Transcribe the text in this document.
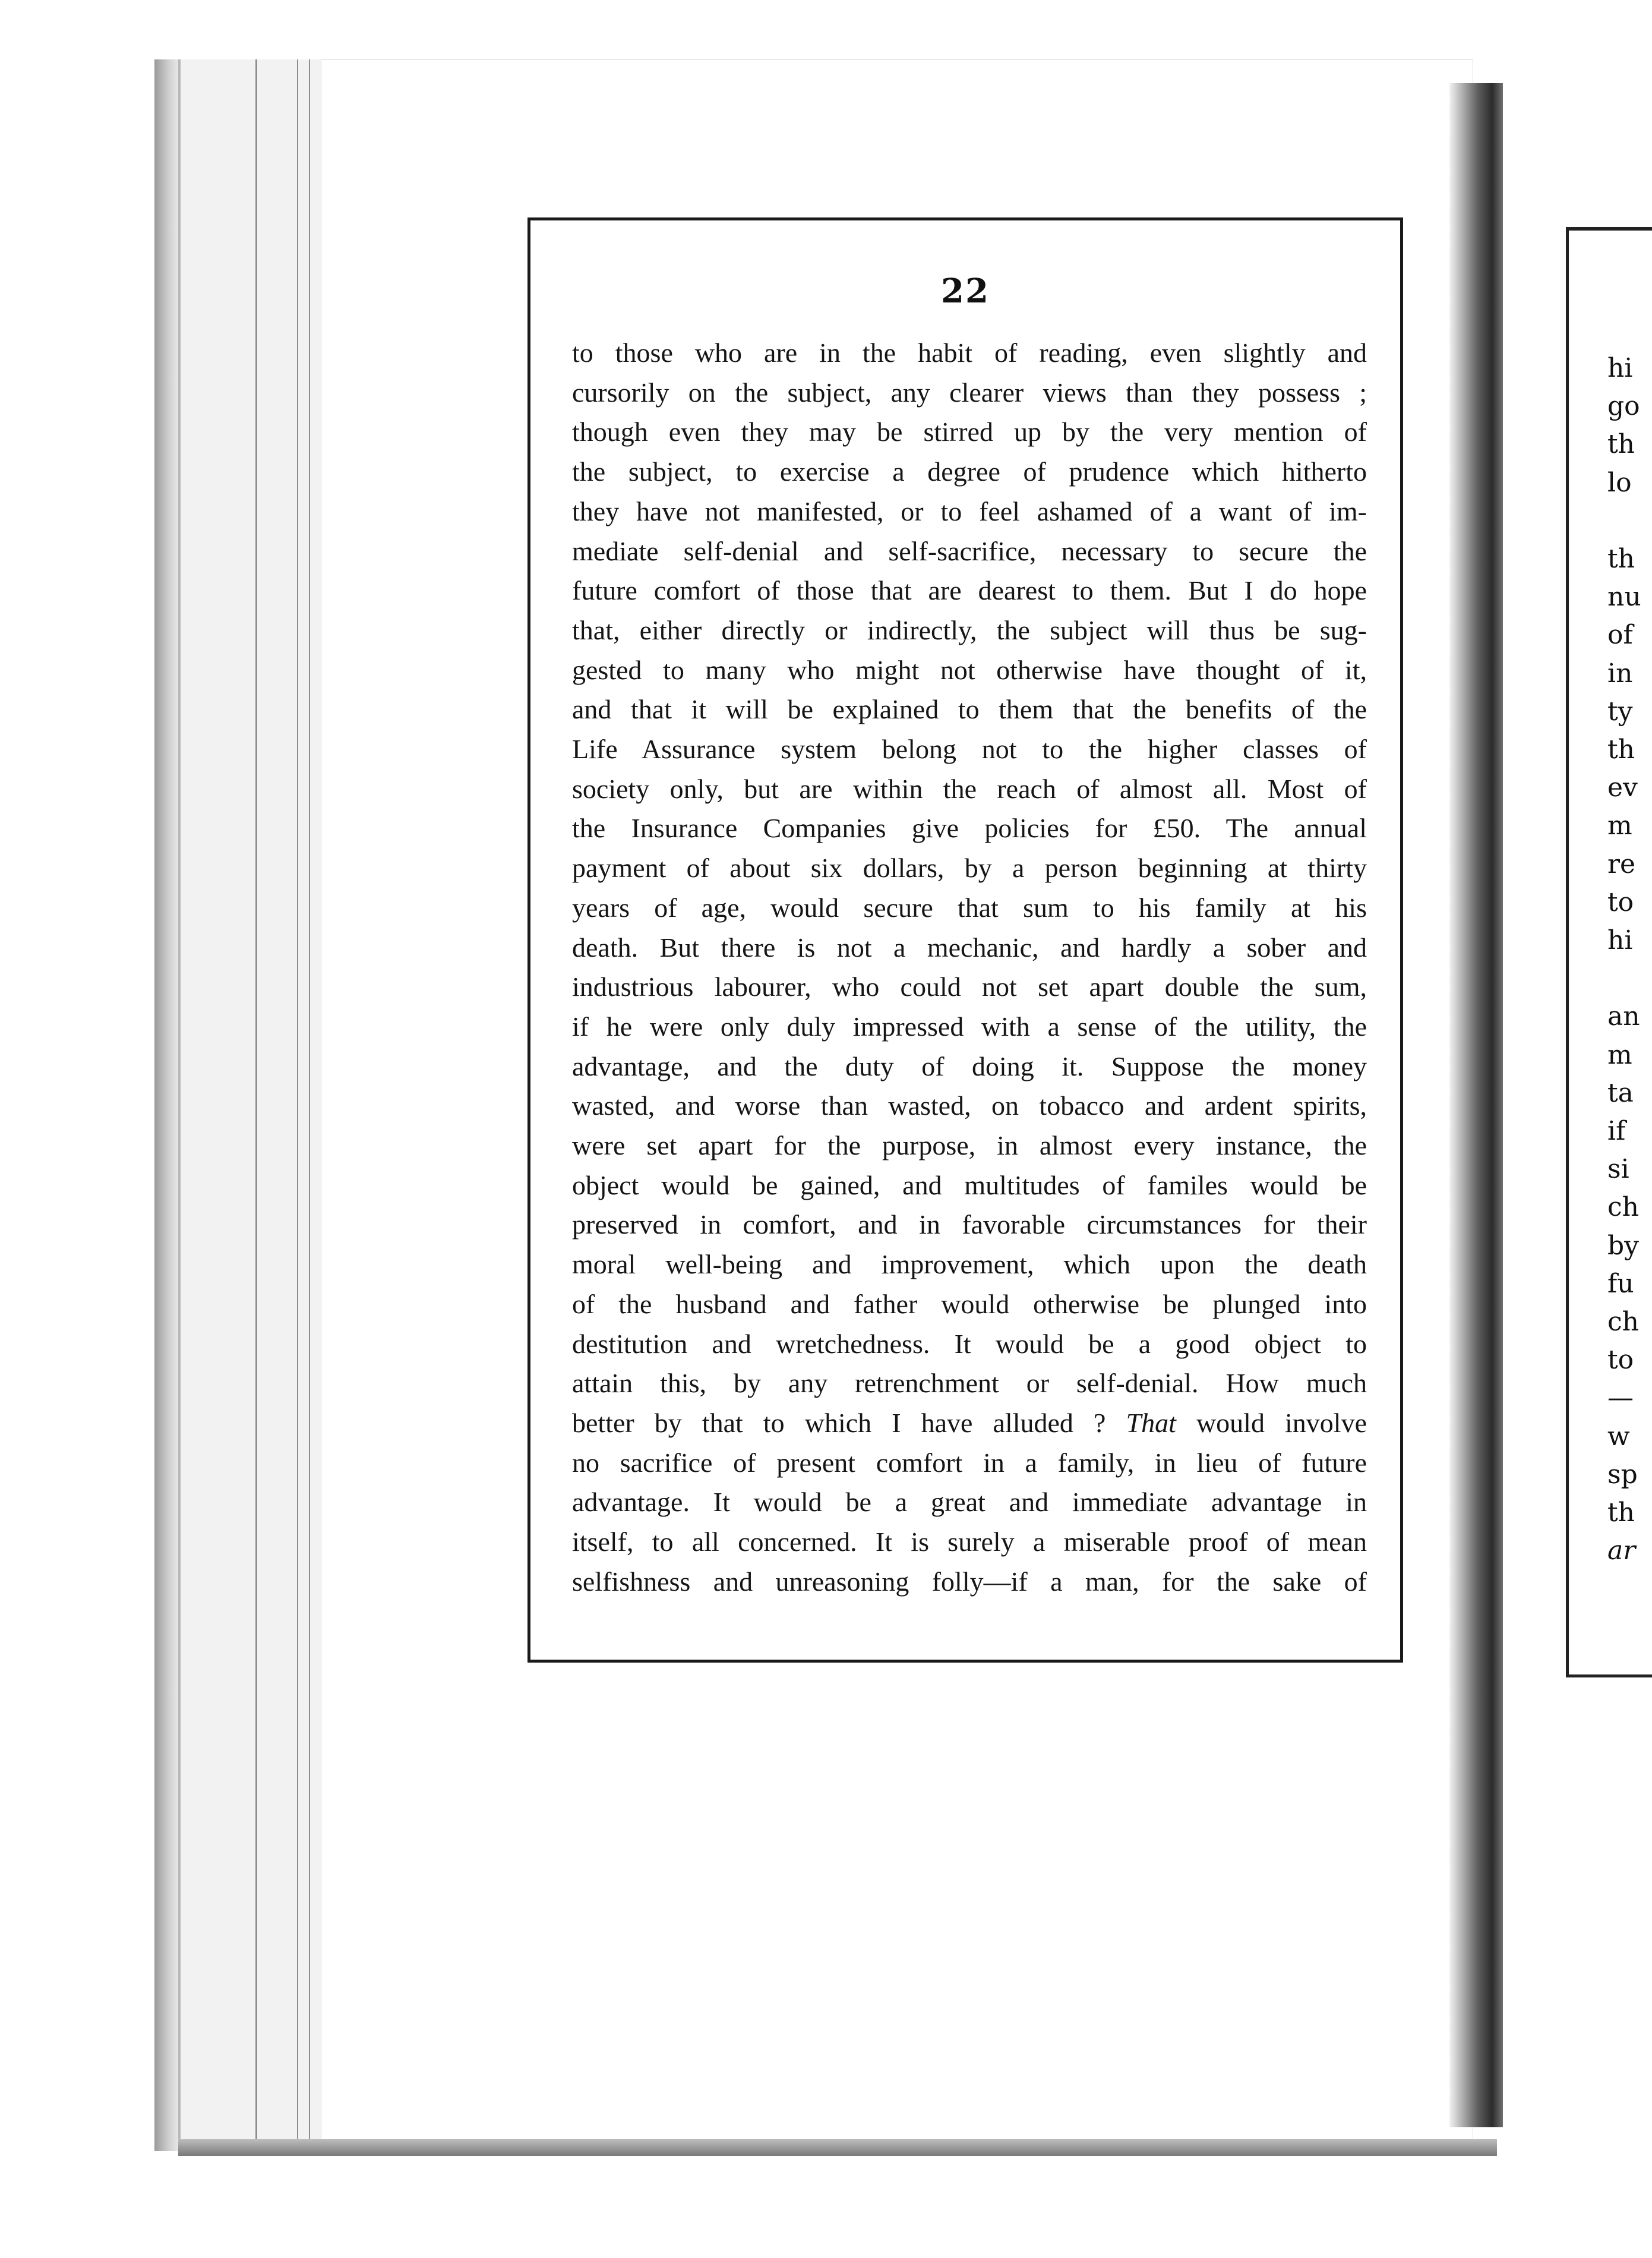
hi
go
th
lo
th
nu
of
in
ty
th
ev
m
re
to
hi
an
m
ta
if
si
ch
by
fu
ch
to
—
w
sp
th
ar
22
to those who are in the habit of reading, even slightly and
cursorily on the subject, any clearer views than they possess ;
though even they may be stirred up by the very mention of
the subject, to exercise a degree of prudence which hitherto
they have not manifested, or to feel ashamed of a want of im-
mediate self-denial and self-sacrifice, necessary to secure the
future comfort of those that are dearest to them. But I do hope
that, either directly or indirectly, the subject will thus be sug-
gested to many who might not otherwise have thought of it,
and that it will be explained to them that the benefits of the
Life Assurance system belong not to the higher classes of
society only, but are within the reach of almost all. Most of
the Insurance Companies give policies for £50. The annual
payment of about six dollars, by a person beginning at thirty
years of age, would secure that sum to his family at his
death. But there is not a mechanic, and hardly a sober and
industrious labourer, who could not set apart double the sum,
if he were only duly impressed with a sense of the utility, the
advantage, and the duty of doing it. Suppose the money
wasted, and worse than wasted, on tobacco and ardent spirits,
were set apart for the purpose, in almost every instance, the
object would be gained, and multitudes of familes would be
preserved in comfort, and in favorable circumstances for their
moral well-being and improvement, which upon the death
of the husband and father would otherwise be plunged into
destitution and wretchedness. It would be a good object to
attain this, by any retrenchment or self-denial. How much
better by that to which I have alluded ? That would involve
no sacrifice of present comfort in a family, in lieu of future
advantage. It would be a great and immediate advantage in
itself, to all concerned. It is surely a miserable proof of mean
selfishness and unreasoning folly—if a man, for the sake of
